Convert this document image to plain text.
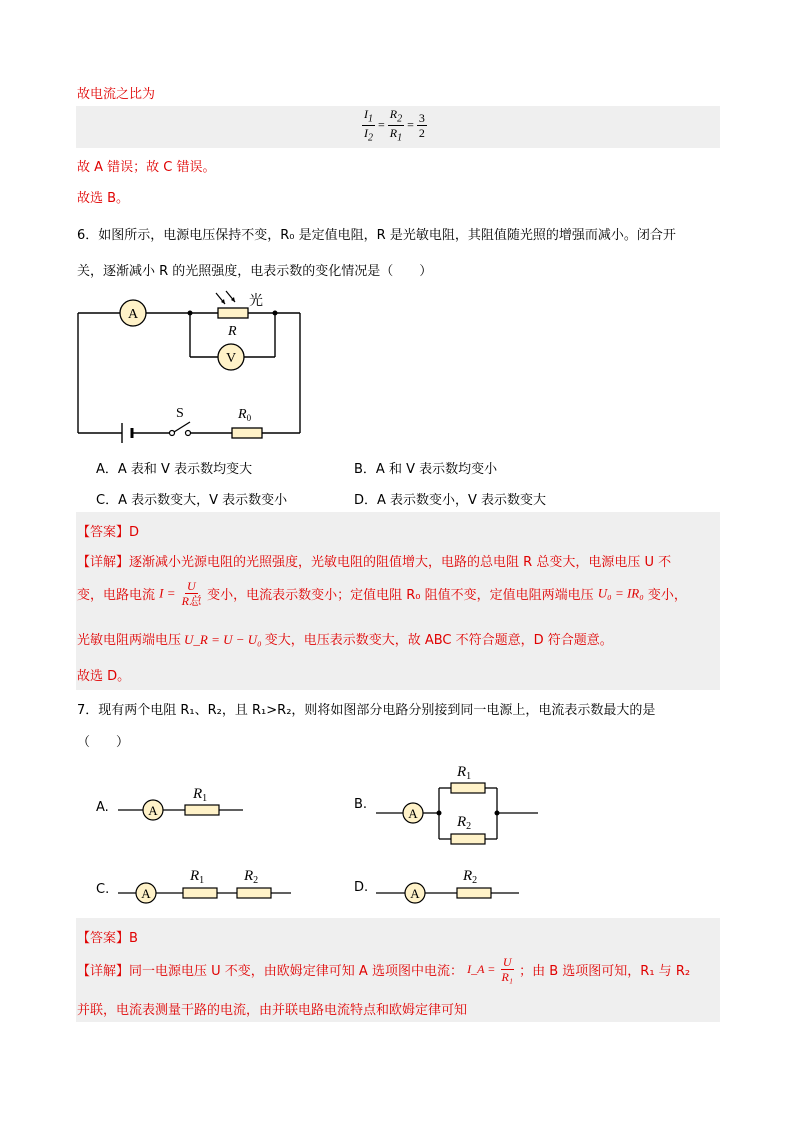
故电流之比为
$\frac{I_1}{I_2} = \frac{R_2}{R_1} = \frac{3}{2}$
故 A 错误；故 C 错误。
故选 B。
6．如图所示，电源电压保持不变，R₀ 是定值电阻，R 是光敏电阻，其阻值随光照的增强而减小。闭合开
关，逐渐减小 R 的光照强度，电表示数的变化情况是（　　）
A
光
R
V
S	$R_0$
A．A 表和 V 表示数均变大	B．A 和 V 表示数均变小
C．A 表示数变大，V 表示数变小	D．A 表示数变小，V 表示数变大
【答案】D
【详解】逐渐减小光源电阻的光照强度，光敏电阻的阻值增大，电路的总电阻 R 总变大，电源电压 U 不
变，电路电流 $I = \frac{U}{\text{R总}}$ 变小，电流表示数变小；定值电阻 R₀ 阻值不变，定值电阻两端电压 U₀ = IR₀ 变小，
光敏电阻两端电压 U_R = U − U₀ 变大，电压表示数变大，故 ABC 不符合题意，D 符合题意。
故选 D。
7．现有两个电阻 R₁、R₂，且 R₁>R₂，则将如图部分电路分别接到同一电源上，电流表示数最大的是
（　　）
A.	A
$R_1$	B.
A
$R_1$
$R_2$
C. A
$R_1$	$R_2$	D.	A
$R_2$
【答案】B
【详解】同一电源电压 U 不变，由欧姆定律可知 A 选项图中电流： I_A = $\frac{U}{\text{R₁}}$ ；由 B 选项图可知，R₁ 与 R₂
并联，电流表测量干路的电流，由并联电路电流特点和欧姆定律可知
